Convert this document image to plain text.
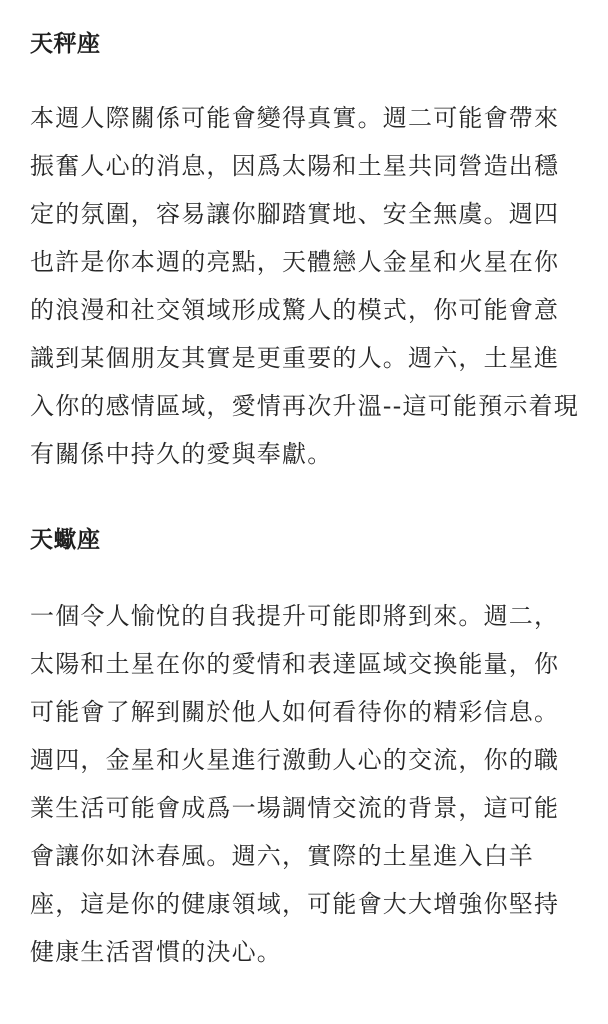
天秤座

本週人際關係可能會變得真實。週二可能會帶來振奮人心的消息，因爲太陽和土星共同營造出穩定的氛圍，容易讓你腳踏實地、安全無虞。週四也許是你本週的亮點，天體戀人金星和火星在你的浪漫和社交領域形成驚人的模式，你可能會意識到某個朋友其實是更重要的人。週六，土星進入你的感情區域，愛情再次升溫--這可能預示着現有關係中持久的愛與奉獻。

天蠍座

一個令人愉悅的自我提升可能即將到來。週二，太陽和土星在你的愛情和表達區域交換能量，你可能會了解到關於他人如何看待你的精彩信息。週四，金星和火星進行激動人心的交流，你的職業生活可能會成爲一場調情交流的背景，這可能會讓你如沐春風。週六，實際的土星進入白羊座，這是你的健康領域，可能會大大增強你堅持健康生活習慣的決心。
